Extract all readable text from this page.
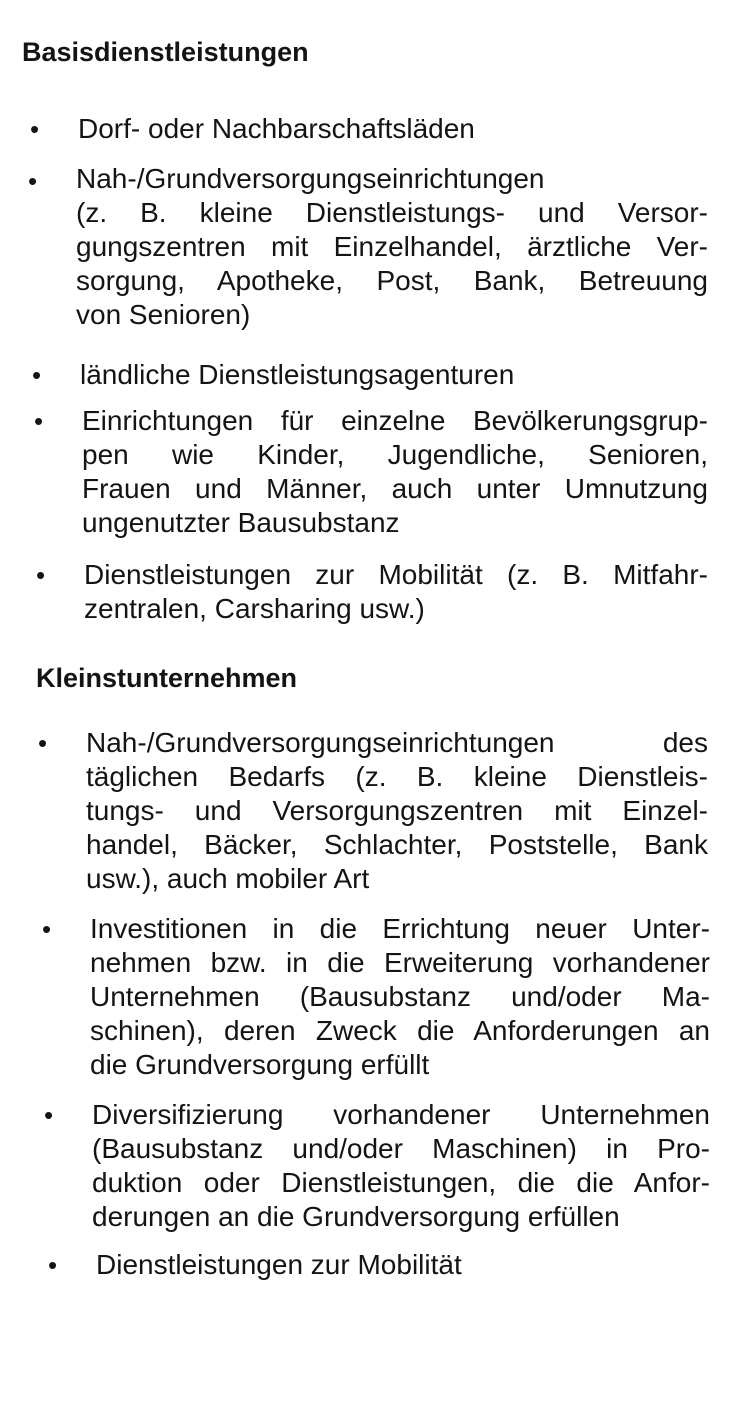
Basisdienstleistungen
• Dorf- oder Nachbarschaftsläden
• Nah-/Grundversorgungseinrichtungen
(z. B. kleine Dienstleistungs- und Versor-
gungszentren mit Einzelhandel, ärztliche Ver-
sorgung, Apotheke, Post, Bank, Betreuung
von Senioren)
• ländliche Dienstleistungsagenturen
• Einrichtungen für einzelne Bevölkerungsgrup-
pen wie Kinder, Jugendliche, Senioren,
Frauen und Männer, auch unter Umnutzung
ungenutzter Bausubstanz
• Dienstleistungen zur Mobilität (z. B. Mitfahr-
zentralen, Carsharing usw.)
Kleinstunternehmen
• Nah-/Grundversorgungseinrichtungen des
täglichen Bedarfs (z. B. kleine Dienstleis-
tungs- und Versorgungszentren mit Einzel-
handel, Bäcker, Schlachter, Poststelle, Bank
usw.), auch mobiler Art
• Investitionen in die Errichtung neuer Unter-
nehmen bzw. in die Erweiterung vorhandener
Unternehmen (Bausubstanz und/oder Ma-
schinen), deren Zweck die Anforderungen an
die Grundversorgung erfüllt
• Diversifizierung vorhandener Unternehmen
(Bausubstanz und/oder Maschinen) in Pro-
duktion oder Dienstleistungen, die die Anfor-
derungen an die Grundversorgung erfüllen
• Dienstleistungen zur Mobilität
